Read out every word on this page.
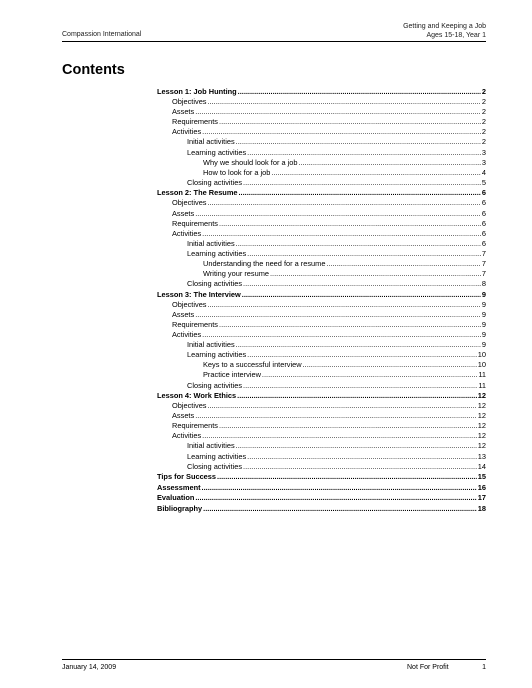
Compassion International
Getting and Keeping a Job
Ages 15-18, Year 1
Contents
Lesson 1: Job Hunting .....	2
Objectives .....	2
Assets .....	2
Requirements .....	2
Activities .....	2
Initial activities .....	2
Learning activities .....	3
Why we should look for a job .....	3
How to look for a job .....	4
Closing activities .....	5
Lesson 2: The Resume .....	6
Objectives .....	6
Assets .....	6
Requirements .....	6
Activities .....	6
Initial activities .....	6
Learning activities .....	7
Understanding the need for a resume .....	7
Writing your resume .....	7
Closing activities .....	8
Lesson 3: The Interview .....	9
Objectives .....	9
Assets .....	9
Requirements .....	9
Activities .....	9
Initial activities .....	9
Learning activities .....	10
Keys to a successful interview .....	10
Practice interview .....	11
Closing activities .....	11
Lesson 4: Work Ethics .....	12
Objectives .....	12
Assets .....	12
Requirements .....	12
Activities .....	12
Initial activities .....	12
Learning activities .....	13
Closing activities .....	14
Tips for Success .....	15
Assessment .....	16
Evaluation .....	17
Bibliography .....	18
January 14, 2009	Not For Profit	1
